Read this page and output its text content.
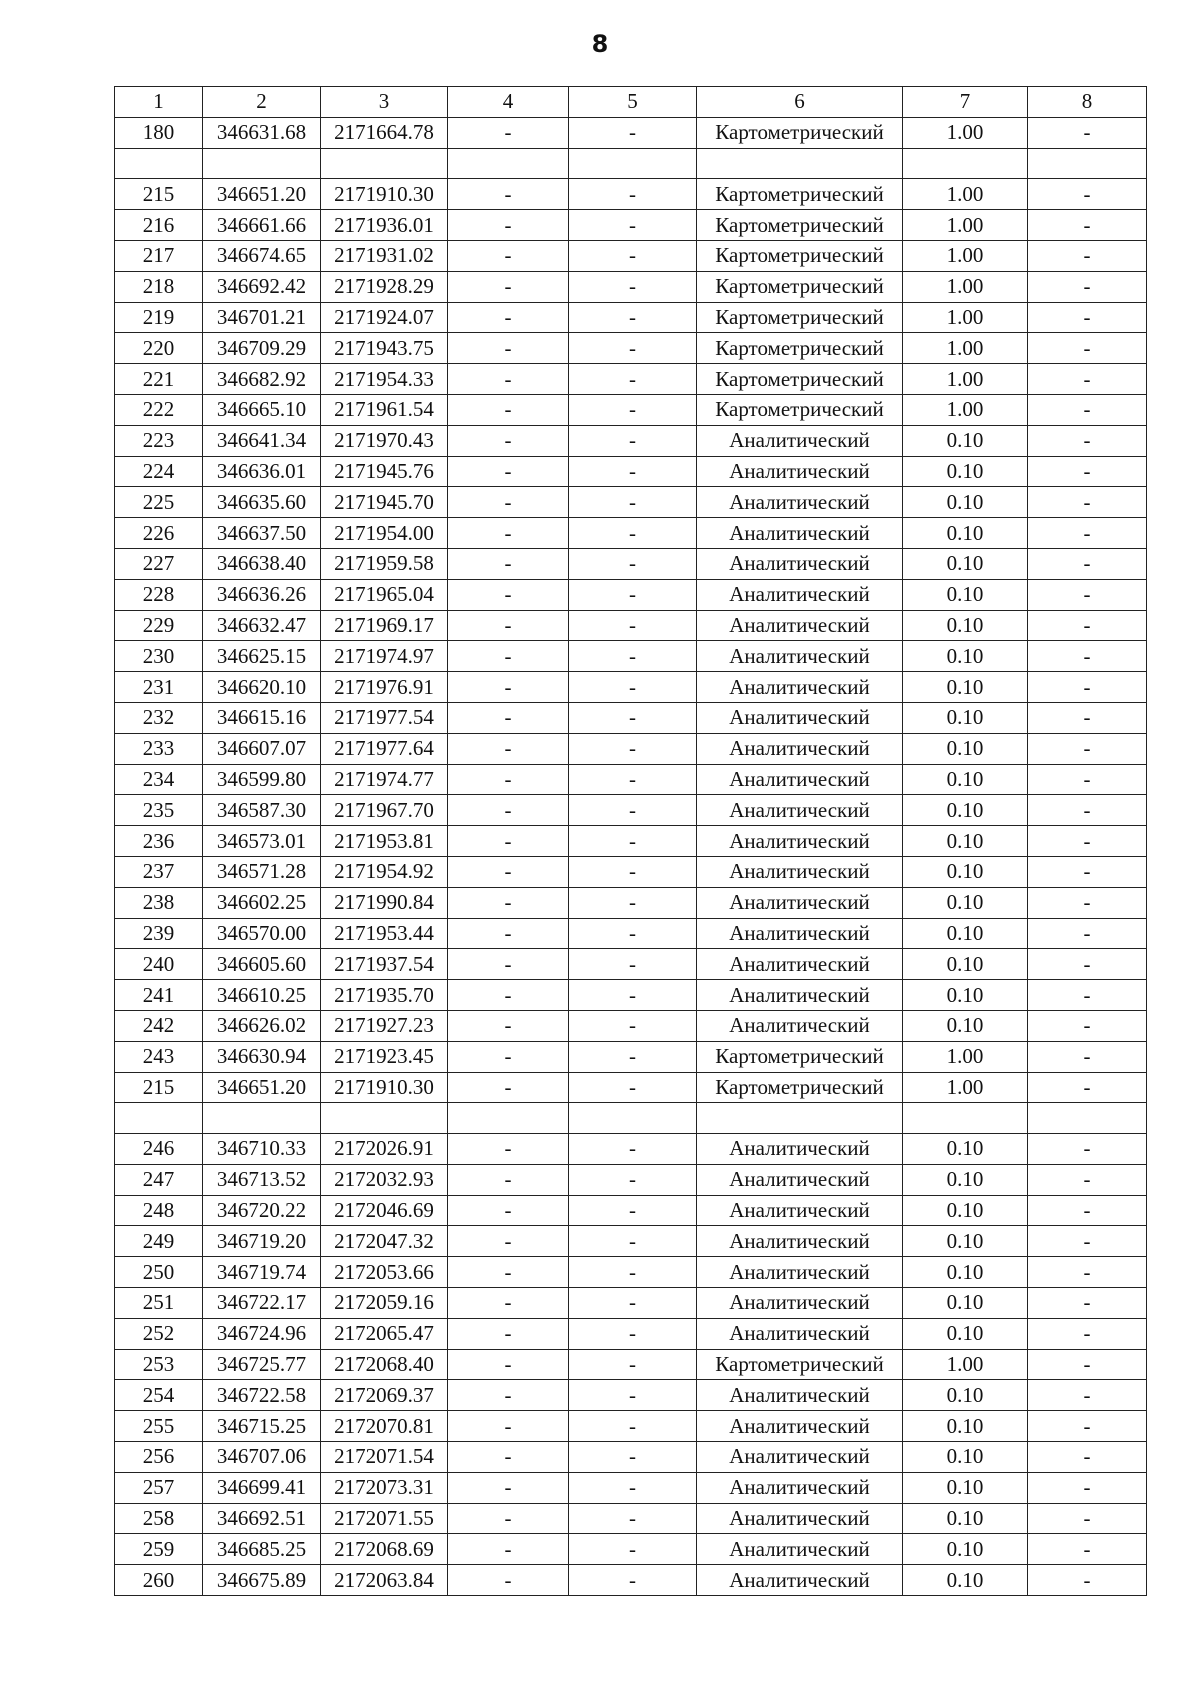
8
1	2	3	4	5	6	7	8
180	346631.68	2171664.78	-	-	Картометрический	1.00	-

215	346651.20	2171910.30	-	-	Картометрический	1.00	-
216	346661.66	2171936.01	-	-	Картометрический	1.00	-
217	346674.65	2171931.02	-	-	Картометрический	1.00	-
218	346692.42	2171928.29	-	-	Картометрический	1.00	-
219	346701.21	2171924.07	-	-	Картометрический	1.00	-
220	346709.29	2171943.75	-	-	Картометрический	1.00	-
221	346682.92	2171954.33	-	-	Картометрический	1.00	-
222	346665.10	2171961.54	-	-	Картометрический	1.00	-
223	346641.34	2171970.43	-	-	Аналитический	0.10	-
224	346636.01	2171945.76	-	-	Аналитический	0.10	-
225	346635.60	2171945.70	-	-	Аналитический	0.10	-
226	346637.50	2171954.00	-	-	Аналитический	0.10	-
227	346638.40	2171959.58	-	-	Аналитический	0.10	-
228	346636.26	2171965.04	-	-	Аналитический	0.10	-
229	346632.47	2171969.17	-	-	Аналитический	0.10	-
230	346625.15	2171974.97	-	-	Аналитический	0.10	-
231	346620.10	2171976.91	-	-	Аналитический	0.10	-
232	346615.16	2171977.54	-	-	Аналитический	0.10	-
233	346607.07	2171977.64	-	-	Аналитический	0.10	-
234	346599.80	2171974.77	-	-	Аналитический	0.10	-
235	346587.30	2171967.70	-	-	Аналитический	0.10	-
236	346573.01	2171953.81	-	-	Аналитический	0.10	-
237	346571.28	2171954.92	-	-	Аналитический	0.10	-
238	346602.25	2171990.84	-	-	Аналитический	0.10	-
239	346570.00	2171953.44	-	-	Аналитический	0.10	-
240	346605.60	2171937.54	-	-	Аналитический	0.10	-
241	346610.25	2171935.70	-	-	Аналитический	0.10	-
242	346626.02	2171927.23	-	-	Аналитический	0.10	-
243	346630.94	2171923.45	-	-	Картометрический	1.00	-
215	346651.20	2171910.30	-	-	Картометрический	1.00	-

246	346710.33	2172026.91	-	-	Аналитический	0.10	-
247	346713.52	2172032.93	-	-	Аналитический	0.10	-
248	346720.22	2172046.69	-	-	Аналитический	0.10	-
249	346719.20	2172047.32	-	-	Аналитический	0.10	-
250	346719.74	2172053.66	-	-	Аналитический	0.10	-
251	346722.17	2172059.16	-	-	Аналитический	0.10	-
252	346724.96	2172065.47	-	-	Аналитический	0.10	-
253	346725.77	2172068.40	-	-	Картометрический	1.00	-
254	346722.58	2172069.37	-	-	Аналитический	0.10	-
255	346715.25	2172070.81	-	-	Аналитический	0.10	-
256	346707.06	2172071.54	-	-	Аналитический	0.10	-
257	346699.41	2172073.31	-	-	Аналитический	0.10	-
258	346692.51	2172071.55	-	-	Аналитический	0.10	-
259	346685.25	2172068.69	-	-	Аналитический	0.10	-
260	346675.89	2172063.84	-	-	Аналитический	0.10	-
